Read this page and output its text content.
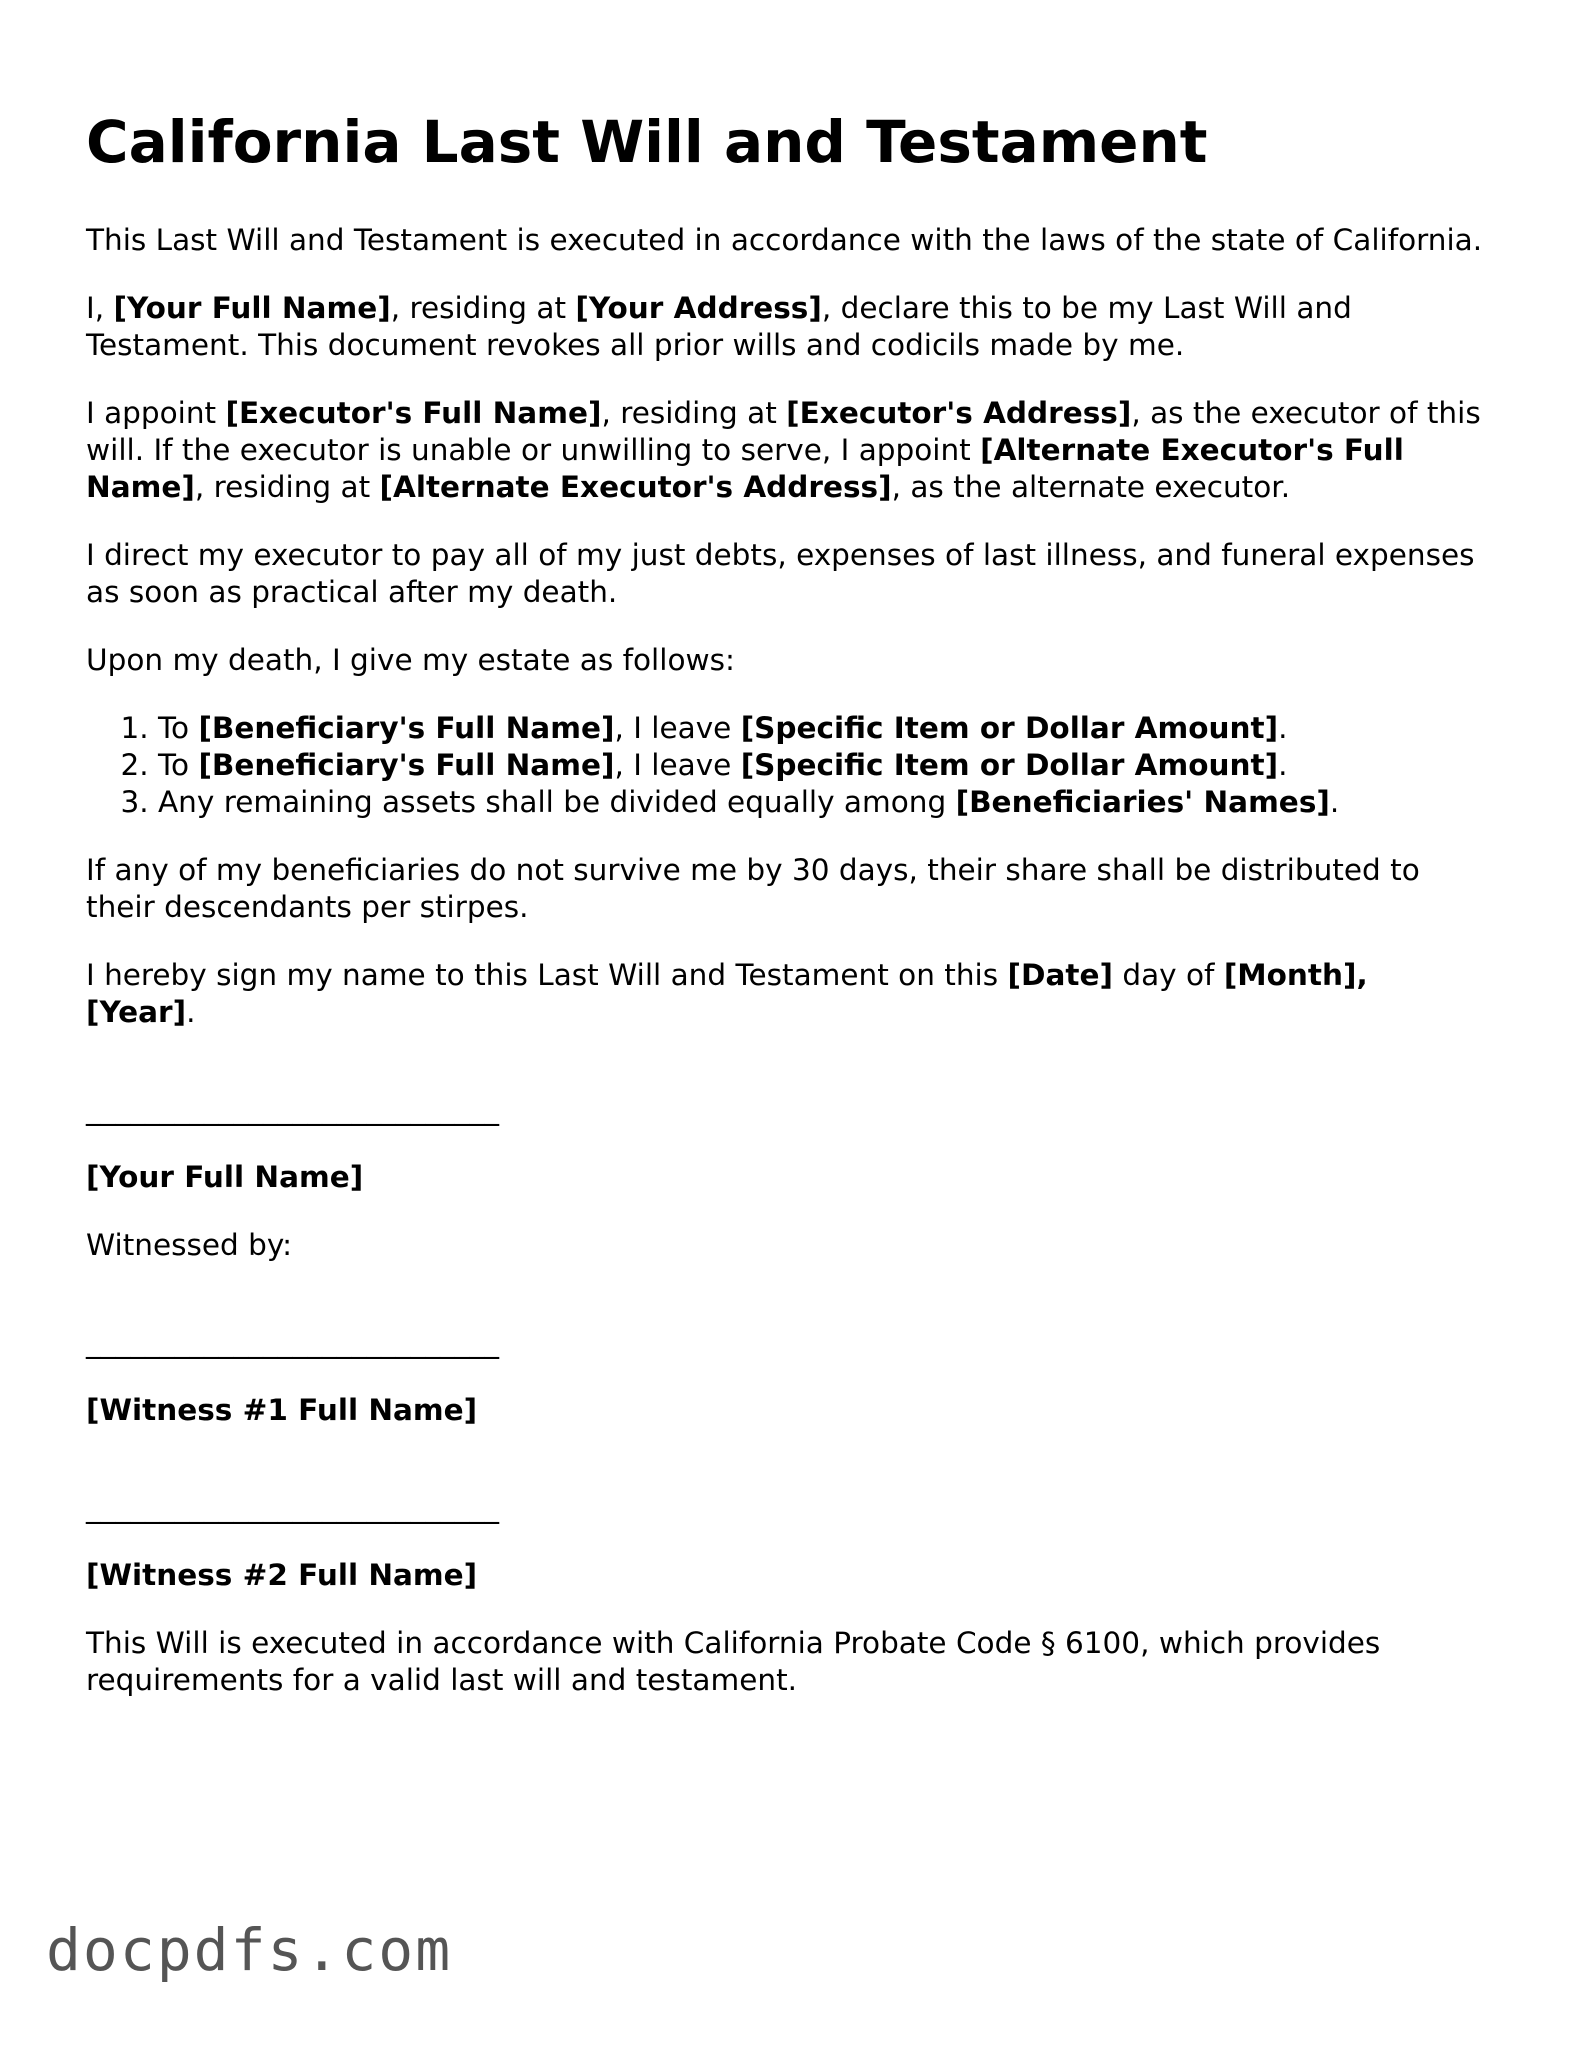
California Last Will and Testament

This Last Will and Testament is executed in accordance with the laws of the state of California.

I, [Your Full Name], residing at [Your Address], declare this to be my Last Will and Testament. This document revokes all prior wills and codicils made by me.

I appoint [Executor's Full Name], residing at [Executor's Address], as the executor of this will. If the executor is unable or unwilling to serve, I appoint [Alternate Executor's Full Name], residing at [Alternate Executor's Address], as the alternate executor.

I direct my executor to pay all of my just debts, expenses of last illness, and funeral expenses as soon as practical after my death.

Upon my death, I give my estate as follows:

1. To [Beneficiary's Full Name], I leave [Specific Item or Dollar Amount].
2. To [Beneficiary's Full Name], I leave [Specific Item or Dollar Amount].
3. Any remaining assets shall be divided equally among [Beneficiaries' Names].

If any of my beneficiaries do not survive me by 30 days, their share shall be distributed to their descendants per stirpes.

I hereby sign my name to this Last Will and Testament on this [Date] day of [Month], [Year].

____________________________

[Your Full Name]

Witnessed by:

____________________________

[Witness #1 Full Name]

____________________________

[Witness #2 Full Name]

This Will is executed in accordance with California Probate Code § 6100, which provides requirements for a valid last will and testament.

docpdfs.com
